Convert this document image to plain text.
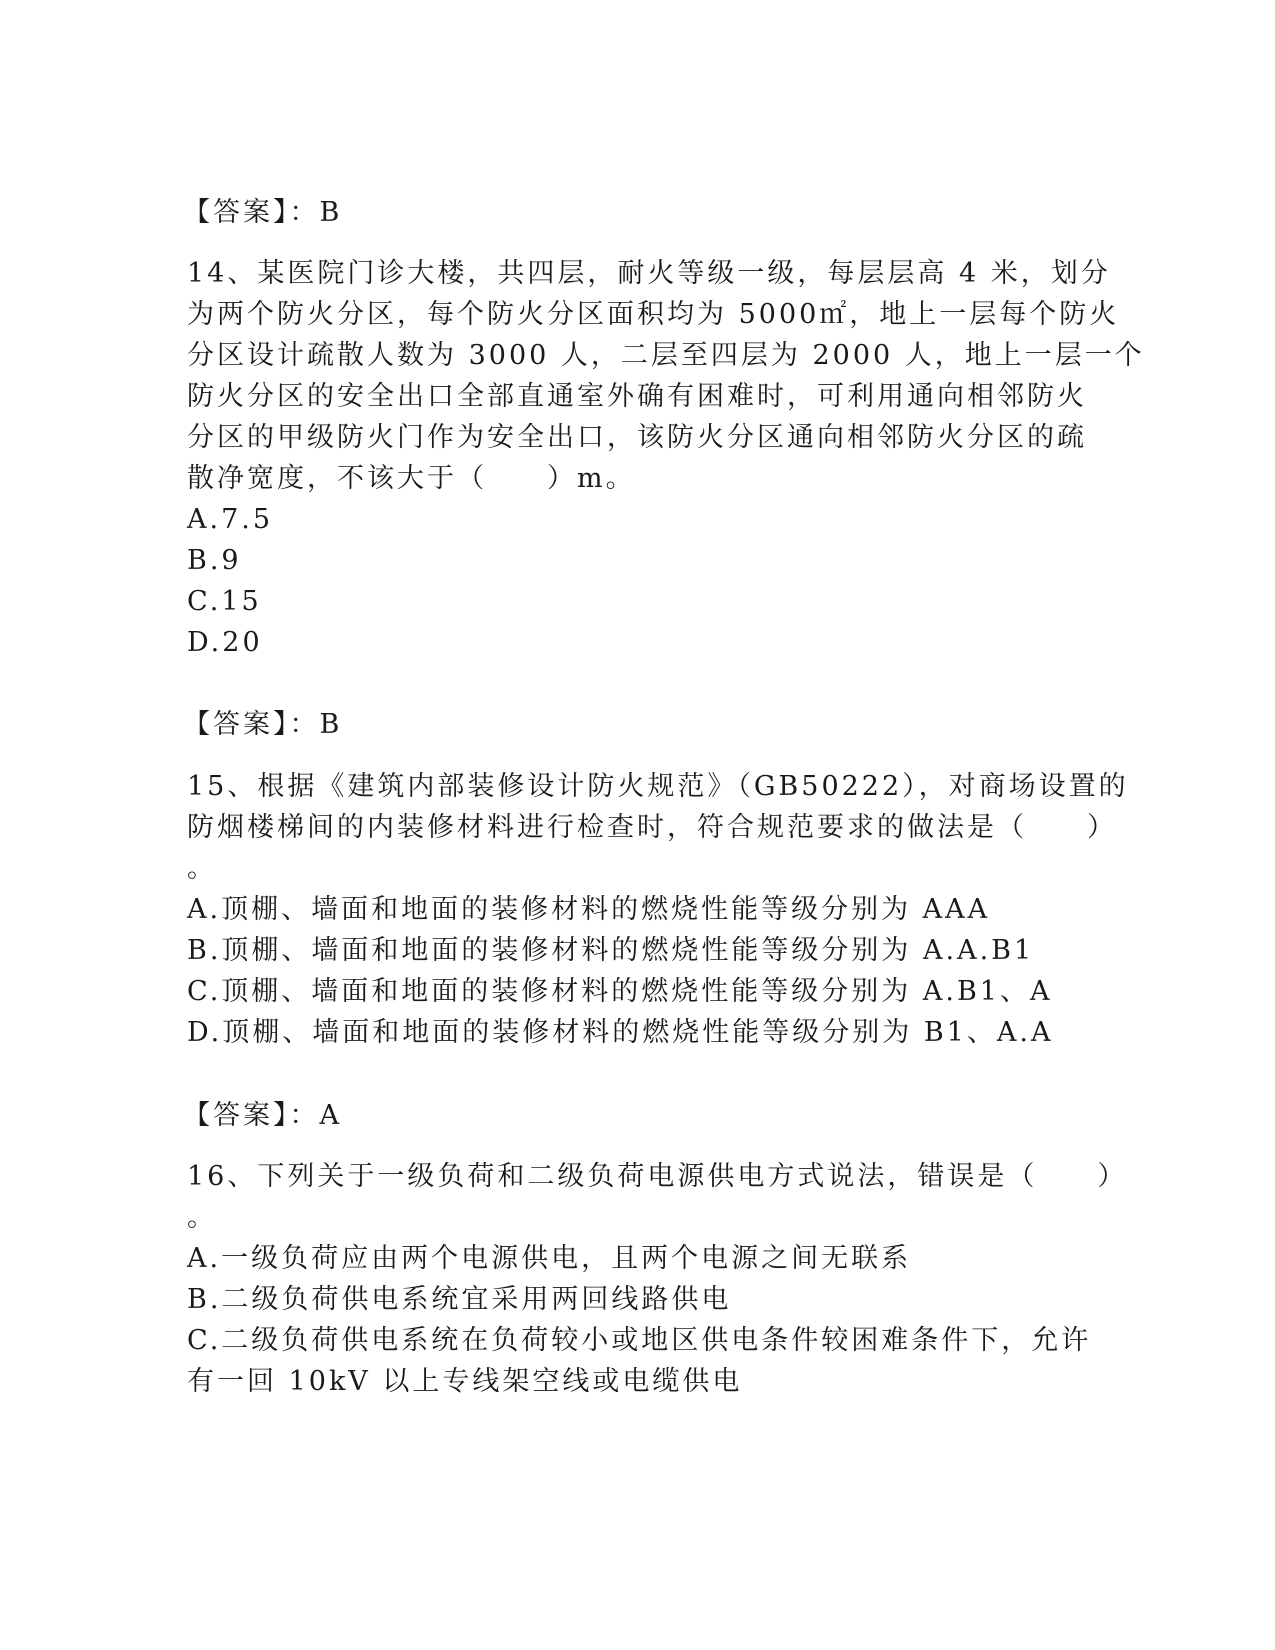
【答案】：B
14、某医院门诊大楼，共四层，耐火等级一级，每层层高 4 米，划分
为两个防火分区，每个防火分区面积均为 5000㎡，地上一层每个防火
分区设计疏散人数为 3000 人，二层至四层为 2000 人，地上一层一个
防火分区的安全出口全部直通室外确有困难时，可利用通向相邻防火
分区的甲级防火门作为安全出口，该防火分区通向相邻防火分区的疏
散净宽度，不该大于（　　）m。
A.7.5
B.9
C.15
D.20
【答案】：B
15、根据《建筑内部装修设计防火规范》（GB50222），对商场设置的
防烟楼梯间的内装修材料进行检查时，符合规范要求的做法是（　　）
。
A.顶棚、墙面和地面的装修材料的燃烧性能等级分别为 AAA
B.顶棚、墙面和地面的装修材料的燃烧性能等级分别为 A.A.B1
C.顶棚、墙面和地面的装修材料的燃烧性能等级分别为 A.B1、A
D.顶棚、墙面和地面的装修材料的燃烧性能等级分别为 B1、A.A
【答案】：A
16、下列关于一级负荷和二级负荷电源供电方式说法，错误是（　　）
。
A.一级负荷应由两个电源供电，且两个电源之间无联系
B.二级负荷供电系统宜采用两回线路供电
C.二级负荷供电系统在负荷较小或地区供电条件较困难条件下，允许
有一回 10kV 以上专线架空线或电缆供电
